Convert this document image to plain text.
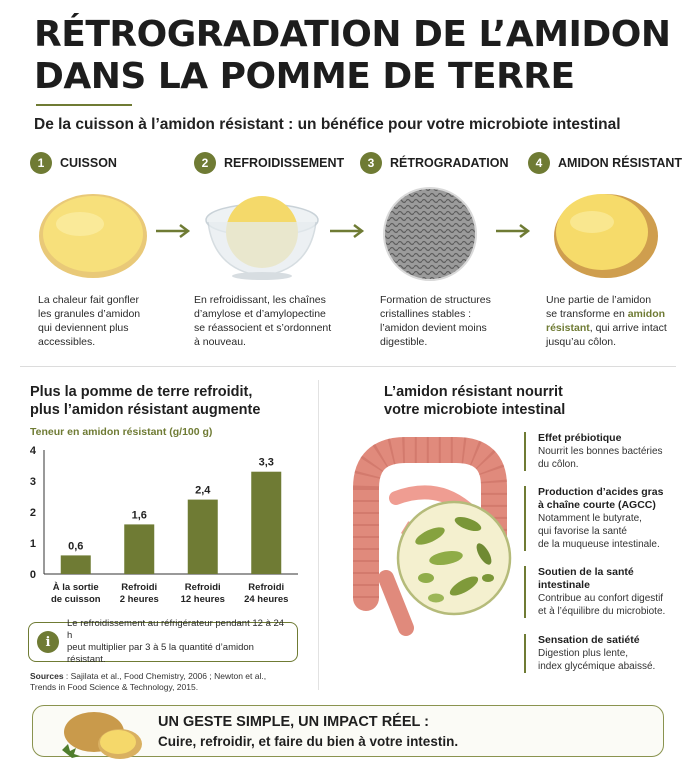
RÉTROGRADATION DE L’AMIDON
DANS LA POMME DE TERRE
De la cuisson à l’amidon résistant : un bénéfice pour votre microbiote intestinal
1	CUISSON
La chaleur fait gonfler
les granules d’amidon
qui deviennent plus
accessibles.
2	REFROIDISSEMENT
En refroidissant, les chaînes
d’amylose et d’amylopectine
se réassocient et s’ordonnent
à nouveau.
3	RÉTROGRADATION
Formation de structures
cristallines stables :
l’amidon devient moins
digestible.
4	AMIDON RÉSISTANT
Une partie de l’amidon
se transforme en amidon
résistant, qui arrive intact
jusqu’au côlon.
Plus la pomme de terre refroidit,
plus l’amidon résistant augmente
Teneur en amidon résistant (g/100 g)
0
1
2
3
4
0,6
À la sortie
de cuisson
1,6
Refroidi
2 heures
2,4
Refroidi
12 heures
3,3
Refroidi
24 heures
i
Le refroidissement au réfrigérateur pendant 12 à 24 h
peut multiplier par 3 à 5 la quantité d’amidon résistant.
Sources : Sajilata et al., Food Chemistry, 2006 ; Newton et al.,
Trends in Food Science & Technology, 2015.
L’amidon résistant nourrit
votre microbiote intestinal
Effet prébiotique
Nourrit les bonnes bactéries
du côlon.
Production d’acides gras
à chaîne courte (AGCC)
Notamment le butyrate,
qui favorise la santé
de la muqueuse intestinale.
Soutien de la santé
intestinale
Contribue au confort digestif
et à l’équilibre du microbiote.
Sensation de satiété
Digestion plus lente,
index glycémique abaissé.
UN GESTE SIMPLE, UN IMPACT RÉEL :
Cuire, refroidir, et faire du bien à votre intestin.
